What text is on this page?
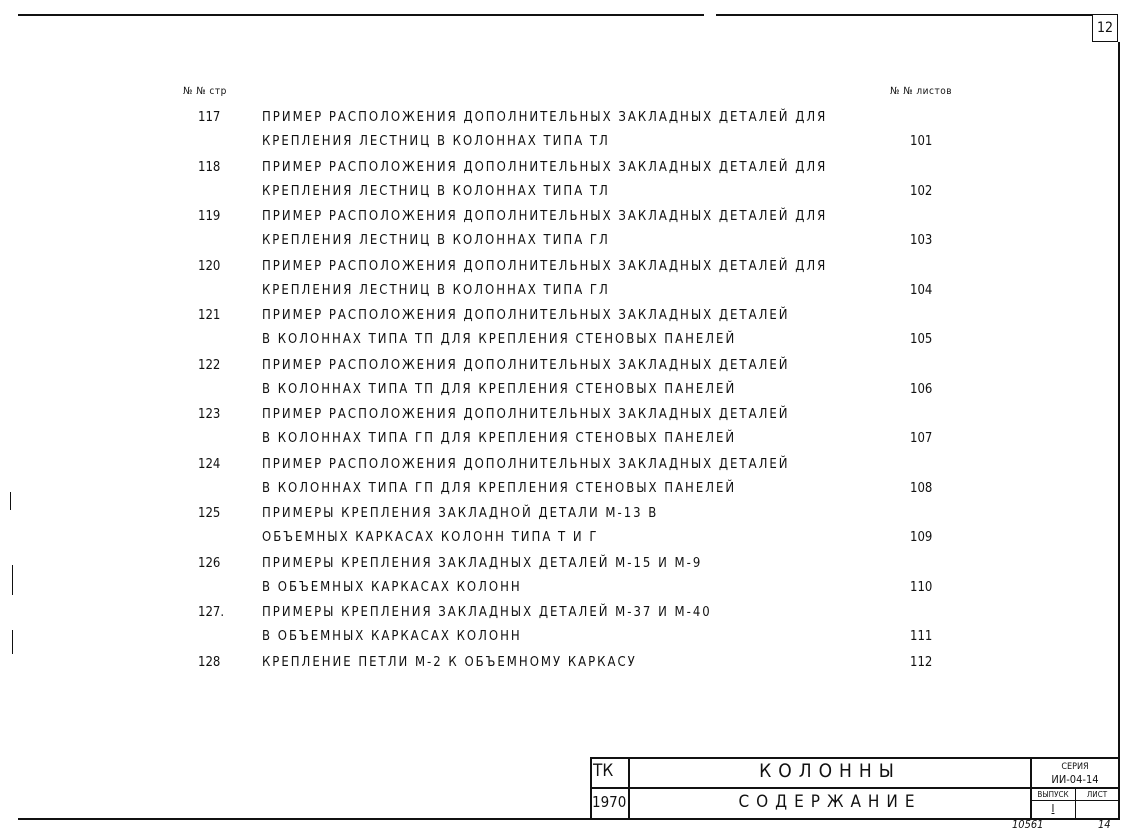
12
№ № стр	№ № листов
117	ПРИМЕР РАСПОЛОЖЕНИЯ ДОПОЛНИТЕЛЬНЫХ ЗАКЛАДНЫХ ДЕТАЛЕЙ ДЛЯ
КРЕПЛЕНИЯ ЛЕСТНИЦ В КОЛОННАХ ТИПА ТЛ	101
118	ПРИМЕР РАСПОЛОЖЕНИЯ ДОПОЛНИТЕЛЬНЫХ ЗАКЛАДНЫХ ДЕТАЛЕЙ ДЛЯ
КРЕПЛЕНИЯ ЛЕСТНИЦ В КОЛОННАХ ТИПА ТЛ	102
119	ПРИМЕР РАСПОЛОЖЕНИЯ ДОПОЛНИТЕЛЬНЫХ ЗАКЛАДНЫХ ДЕТАЛЕЙ ДЛЯ
КРЕПЛЕНИЯ ЛЕСТНИЦ В КОЛОННАХ ТИПА ГЛ	103
120	ПРИМЕР РАСПОЛОЖЕНИЯ ДОПОЛНИТЕЛЬНЫХ ЗАКЛАДНЫХ ДЕТАЛЕЙ ДЛЯ
КРЕПЛЕНИЯ ЛЕСТНИЦ В КОЛОННАХ ТИПА ГЛ	104
121	ПРИМЕР РАСПОЛОЖЕНИЯ ДОПОЛНИТЕЛЬНЫХ ЗАКЛАДНЫХ ДЕТАЛЕЙ
В КОЛОННАХ ТИПА ТП ДЛЯ КРЕПЛЕНИЯ СТЕНОВЫХ ПАНЕЛЕЙ	105
122	ПРИМЕР РАСПОЛОЖЕНИЯ ДОПОЛНИТЕЛЬНЫХ ЗАКЛАДНЫХ ДЕТАЛЕЙ
В КОЛОННАХ ТИПА ТП ДЛЯ КРЕПЛЕНИЯ СТЕНОВЫХ ПАНЕЛЕЙ	106
123	ПРИМЕР РАСПОЛОЖЕНИЯ ДОПОЛНИТЕЛЬНЫХ ЗАКЛАДНЫХ ДЕТАЛЕЙ
В КОЛОННАХ ТИПА ГП ДЛЯ КРЕПЛЕНИЯ СТЕНОВЫХ ПАНЕЛЕЙ	107
124	ПРИМЕР РАСПОЛОЖЕНИЯ ДОПОЛНИТЕЛЬНЫХ ЗАКЛАДНЫХ ДЕТАЛЕЙ
В КОЛОННАХ ТИПА ГП ДЛЯ КРЕПЛЕНИЯ СТЕНОВЫХ ПАНЕЛЕЙ	108
125	ПРИМЕРЫ КРЕПЛЕНИЯ ЗАКЛАДНОЙ ДЕТАЛИ М-13 В
ОБЪЕМНЫХ КАРКАСАХ КОЛОНН ТИПА Т И Г	109
126	ПРИМЕРЫ КРЕПЛЕНИЯ ЗАКЛАДНЫХ ДЕТАЛЕЙ М-15 И М-9
В ОБЪЕМНЫХ КАРКАСАХ КОЛОНН	110
127.	ПРИМЕРЫ КРЕПЛЕНИЯ ЗАКЛАДНЫХ ДЕТАЛЕЙ М-37 И М-40
В ОБЪЕМНЫХ КАРКАСАХ КОЛОНН	111
128	КРЕПЛЕНИЕ ПЕТЛИ М-2 К ОБЪЕМНОМУ КАРКАСУ	112
ТК
1970
КОЛОННЫ
СОДЕРЖАНИЕ
СЕРИЯ
ИИ-04-14
ВЫПУСК	ЛИСТ
I
10561	14
